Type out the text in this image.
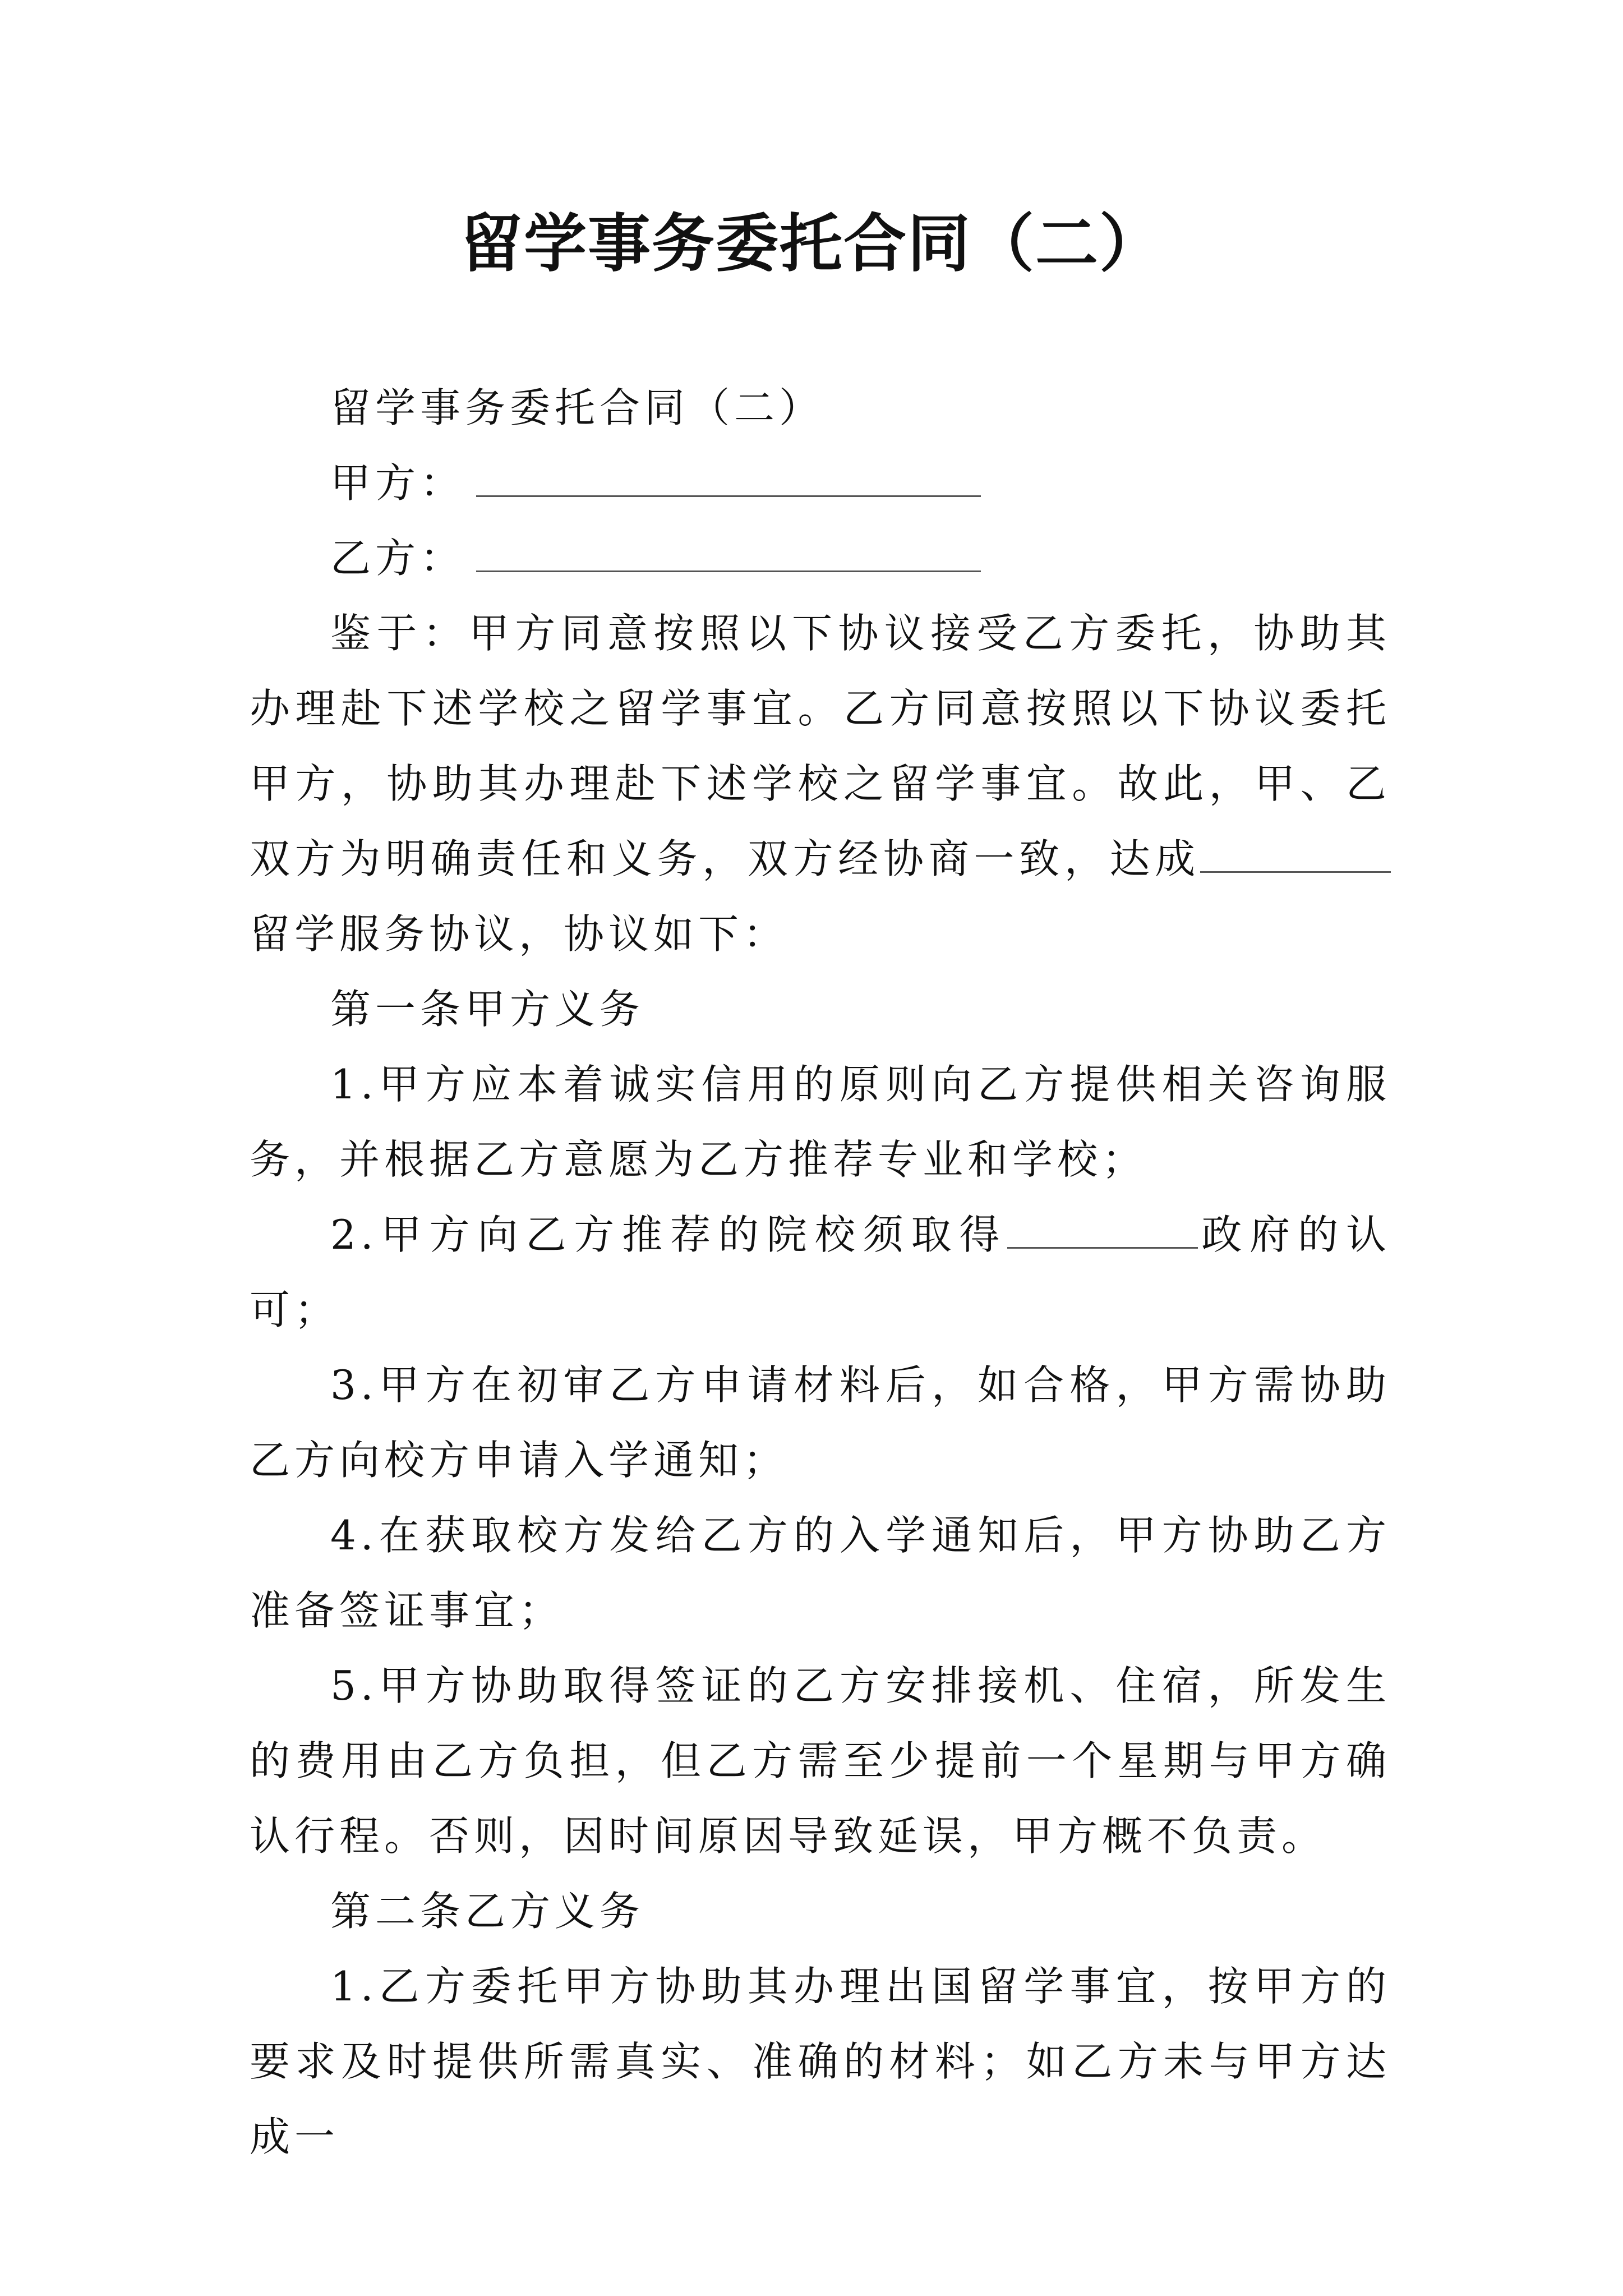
留学事务委托合同（二）

留学事务委托合同（二）

甲方：

乙方：

鉴于：甲方同意按照以下协议接受乙方委托，协助其办理赴下述学校之留学事宜。乙方同意按照以下协议委托甲方，协助其办理赴下述学校之留学事宜。故此，甲、乙双方为明确责任和义务，双方经协商一致，达成留学服务协议，协议如下：

第一条甲方义务

1.甲方应本着诚实信用的原则向乙方提供相关咨询服务，并根据乙方意愿为乙方推荐专业和学校；

2.甲方向乙方推荐的院校须取得	政府的认可；

3.甲方在初审乙方申请材料后，如合格，甲方需协助乙方向校方申请入学通知；

4.在获取校方发给乙方的入学通知后，甲方协助乙方准备签证事宜；

5.甲方协助取得签证的乙方安排接机、住宿，所发生的费用由乙方负担，但乙方需至少提前一个星期与甲方确认行程。否则，因时间原因导致延误，甲方概不负责。

第二条乙方义务

1.乙方委托甲方协助其办理出国留学事宜，按甲方的要求及时提供所需真实、准确的材料；如乙方未与甲方达成一
